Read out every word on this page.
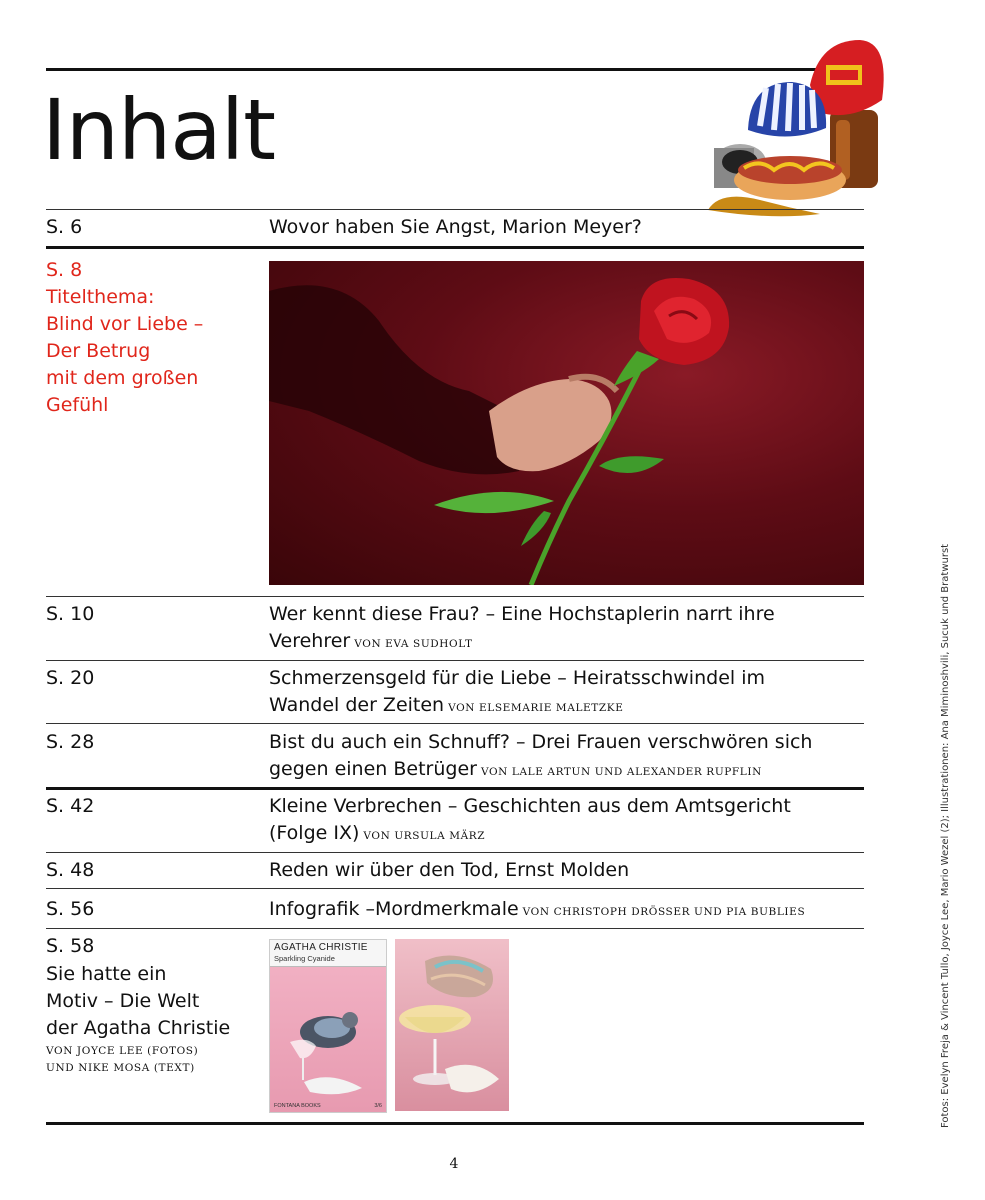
Inhalt
S. 6	Wovor haben Sie Angst, Marion Meyer?
S. 8
Titelthema:
Blind vor Liebe –
Der Betrug
mit dem großen
Gefühl
S. 10	Wer kennt diese Frau? – Eine Hochstaplerin narrt ihre
Verehrer VON EVA SUDHOLT
S. 20	Schmerzensgeld für die Liebe – Heiratsschwindel im
Wandel der Zeiten VON ELSEMARIE MALETZKE
S. 28	Bist du auch ein Schnuff? – Drei Frauen verschwören sich
gegen einen Betrüger VON LALE ARTUN UND ALEXANDER RUPFLIN
S. 42	Kleine Verbrechen – Geschichten aus dem Amtsgericht
(Folge IX) VON URSULA MÄRZ
S. 48	Reden wir über den Tod, Ernst Molden
S. 56	Infografik –Mordmerkmale VON CHRISTOPH DRÖSSER UND PIA BUBLIES
S. 58
Sie hatte ein
Motiv – Die Welt
der Agatha Christie
VON JOYCE LEE (FOTOS)
UND NIKE MOSA (TEXT)
AGATHA CHRISTIE
Sparkling Cyanide
FONTANA BOOKS	3/6	Fotos: Evelyn Freja & Vincent Tullo, Joyce Lee, Mario Wezel (2); Illustrationen: Ana Miminoshvili, Sucuk und Bratwurst
4
